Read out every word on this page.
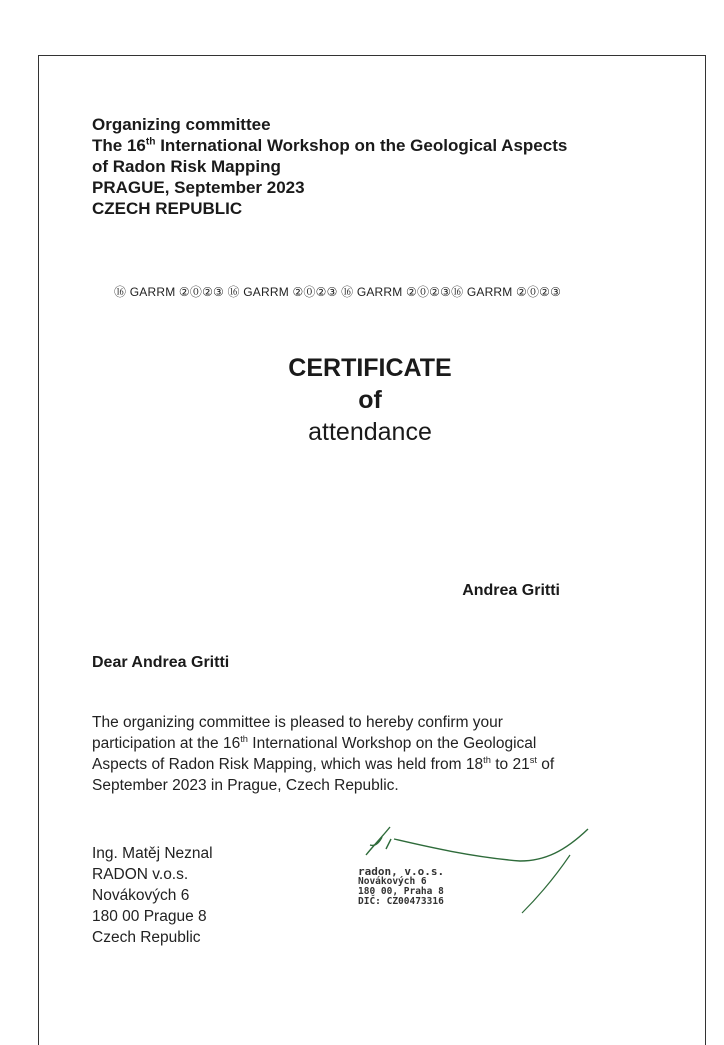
Organizing committee
The 16th International Workshop on the Geological Aspects
of Radon Risk Mapping
PRAGUE, September 2023
CZECH REPUBLIC
⑯ GARRM ②⓪②③ ⑯ GARRM ②⓪②③ ⑯ GARRM ②⓪②③⑯ GARRM ②⓪②③
CERTIFICATE
of
attendance
Andrea Gritti
Dear Andrea Gritti
The organizing committee is pleased to hereby confirm your
participation at the 16th International Workshop on the Geological
Aspects of Radon Risk Mapping, which was held from 18th to 21st of
September 2023 in Prague, Czech Republic.
Ing. Matěj Neznal
RADON v.o.s.
Novákových 6
180 00 Prague 8
Czech Republic
radon, v.o.s.
Novákových 6
180 00, Praha 8
DIČ: CZ00473316
